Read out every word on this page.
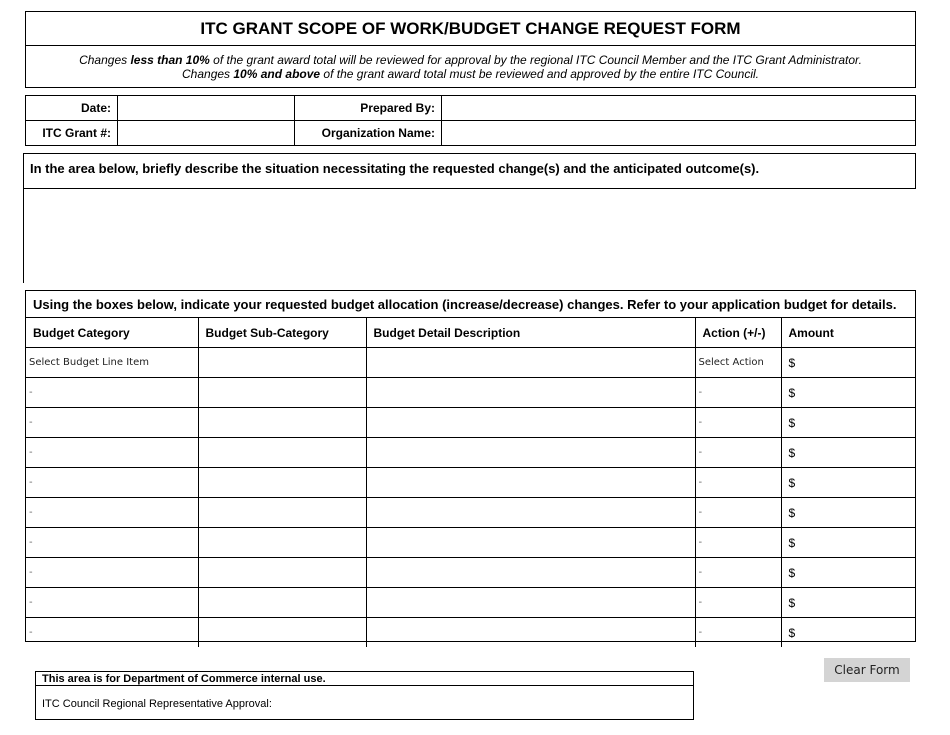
ITC GRANT SCOPE OF WORK/BUDGET CHANGE REQUEST FORM
Changes less than 10% of the grant award total will be reviewed for approval by the regional ITC Council Member and the ITC Grant Administrator.
Changes 10% and above of the grant award total must be reviewed and approved by the entire ITC Council.
Date:		Prepared By:	
ITC Grant #:		Organization Name:	
In the area below, briefly describe the situation necessitating the requested change(s) and the anticipated outcome(s).
Using the boxes below, indicate your requested budget allocation (increase/decrease) changes. Refer to your application budget for details.
Budget Category	Budget Sub-Category	Budget Detail Description	Action (+/-)	Amount
Select Budget Line Item			Select Action	$
-			-	$
-			-	$
-			-	$
-			-	$
-			-	$
-			-	$
-			-	$
-			-	$
-			-	$
This area is for Department of Commerce internal use.
ITC Council Regional Representative Approval:
Clear Form
